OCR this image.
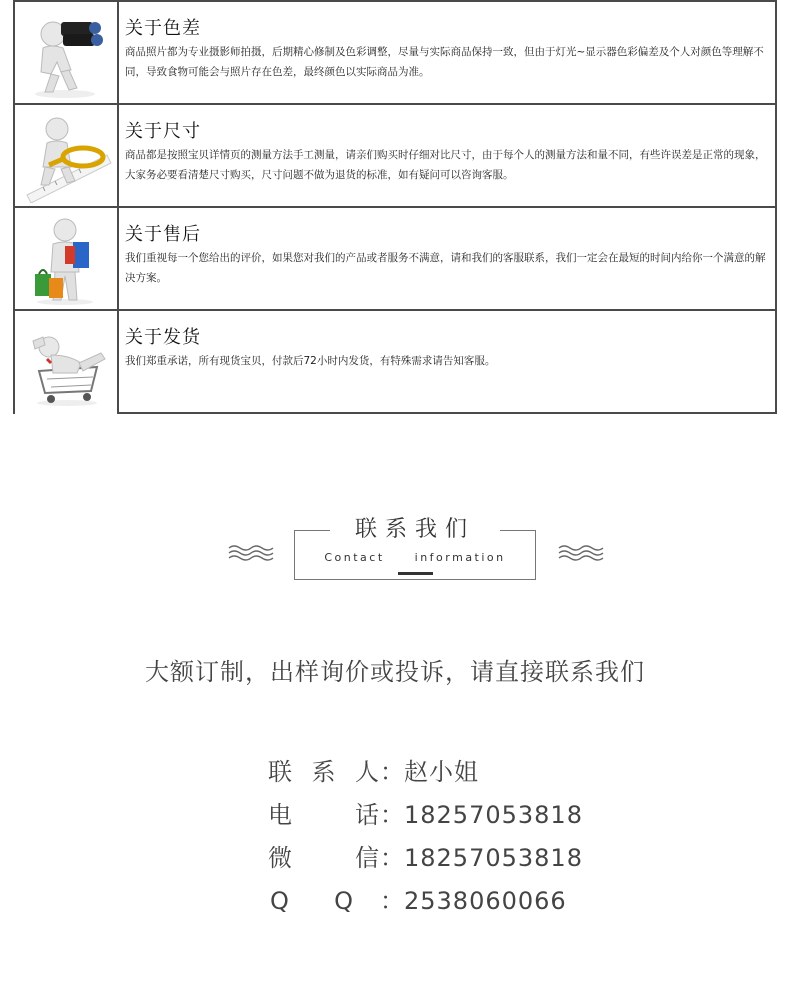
关于色差
商品照片都为专业摄影师拍摄，后期精心修制及色彩调整，尽量与实际商品保持一致，但由于灯光~显示器色彩偏差及个人对颜色等理解不同，导致食物可能会与照片存在色差，最终颜色以实际商品为准。
关于尺寸
商品都是按照宝贝详情页的测量方法手工测量，请亲们购买时仔细对比尺寸，由于每个人的测量方法和量不同，有些许误差是正常的现象，大家务必要看清楚尺寸购买，尺寸问题不做为退货的标准，如有疑问可以咨询客服。
关于售后
我们重视每一个您给出的评价，如果您对我们的产品或者服务不满意，请和我们的客服联系，我们一定会在最短的时间内给你一个满意的解决方案。
关于发货
我们郑重承诺，所有现货宝贝，付款后72小时内发货，有特殊需求请告知客服。
联系我们
Contact	information
大额订制，出样询价或投诉，请直接联系我们
联 系 人 ： 赵小姐
电	话 ： 18257053818
微	信 ： 18257053818
Q Q ： 2538060066
